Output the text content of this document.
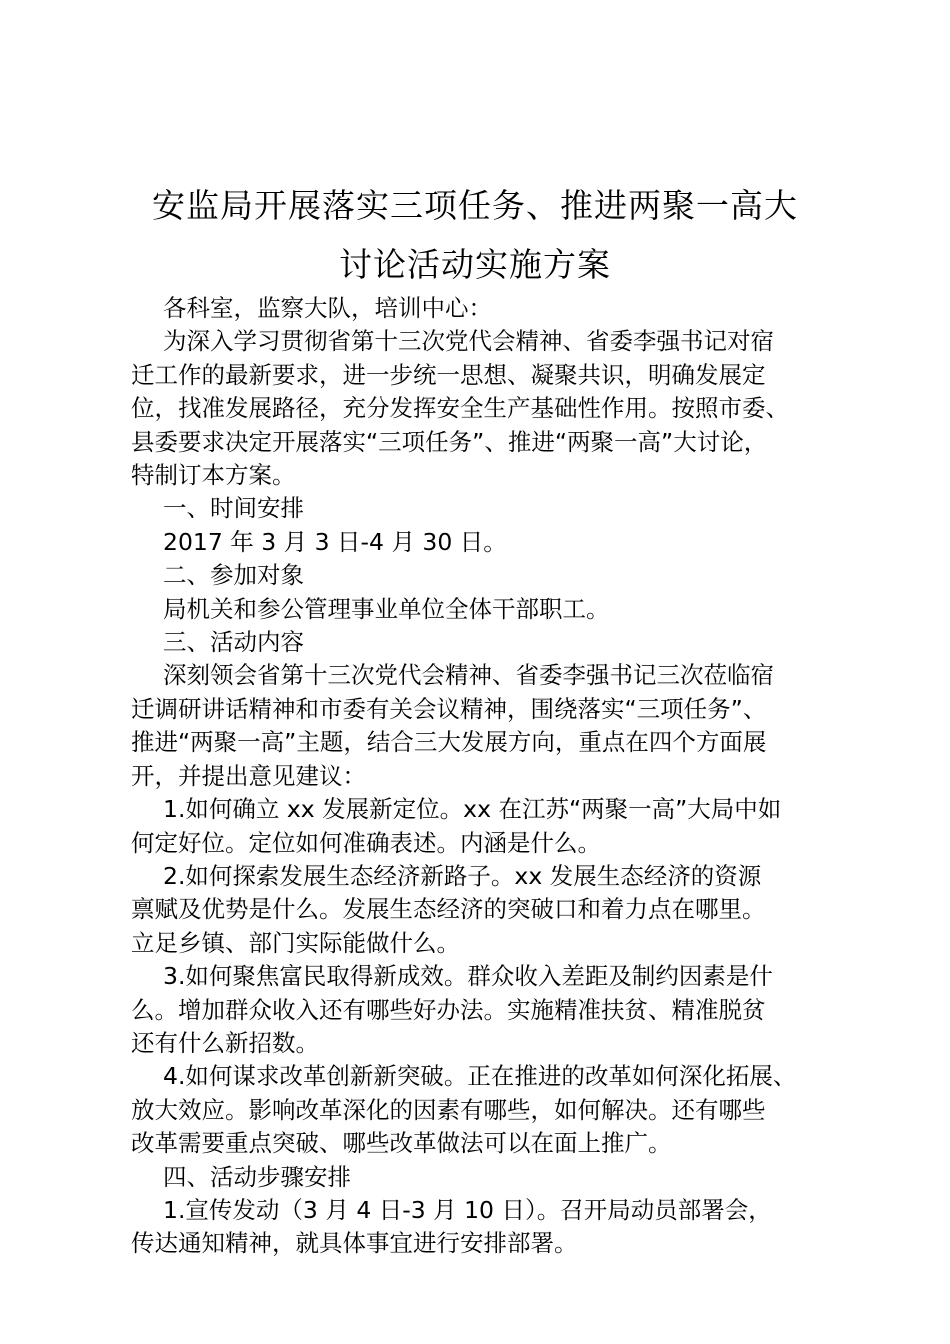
安监局开展落实三项任务、推进两聚一高大
讨论活动实施方案

各科室，监察大队，培训中心：

为深入学习贯彻省第十三次党代会精神、省委李强书记对宿

迁工作的最新要求，进一步统一思想、凝聚共识，明确发展定

位，找准发展路径，充分发挥安全生产基础性作用。按照市委、

县委要求决定开展落实“三项任务”、推进“两聚一高”大讨论，

特制订本方案。

一、时间安排

2017 年 3 月 3 日-4 月 30 日。

二、参加对象

局机关和参公管理事业单位全体干部职工。

三、活动内容

深刻领会省第十三次党代会精神、省委李强书记三次莅临宿

迁调研讲话精神和市委有关会议精神，围绕落实“三项任务”、

推进“两聚一高”主题，结合三大发展方向，重点在四个方面展

开，并提出意见建议：

1.如何确立 xx 发展新定位。xx 在江苏“两聚一高”大局中如

何定好位。定位如何准确表述。内涵是什么。

2.如何探索发展生态经济新路子。xx 发展生态经济的资源

禀赋及优势是什么。发展生态经济的突破口和着力点在哪里。

立足乡镇、部门实际能做什么。

3.如何聚焦富民取得新成效。群众收入差距及制约因素是什

么。增加群众收入还有哪些好办法。实施精准扶贫、精准脱贫

还有什么新招数。

4.如何谋求改革创新新突破。正在推进的改革如何深化拓展、

放大效应。影响改革深化的因素有哪些，如何解决。还有哪些

改革需要重点突破、哪些改革做法可以在面上推广。

四、活动步骤安排

1.宣传发动（3 月 4 日-3 月 10 日）。召开局动员部署会，

传达通知精神，就具体事宜进行安排部署。
